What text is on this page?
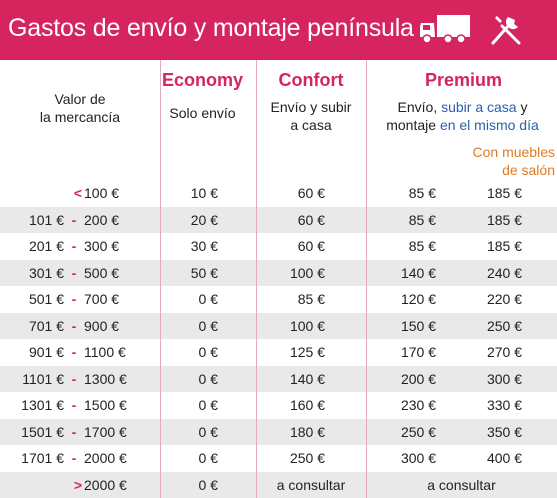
Gastos de envío y montaje península
Valor de
la mercancía
Economy
Solo envío
Confort
Envío y subir
a casa
Premium
Envío, subir a casa y
montaje en el mismo día
Con muebles
de salón
< 100 €	10 €	60 €	85 €	185 €
101 € - 200 €	20 €	60 €	85 €	185 €
201 € - 300 €	30 €	60 €	85 €	185 €
301 € - 500 €	50 €	100 €	140 €	240 €
501 € - 700 €	0 €	85 €	120 €	220 €
701 € - 900 €	0 €	100 €	150 €	250 €
901 € - 1100 €	0 €	125 €	170 €	270 €
1101 € - 1300 €	0 €	140 €	200 €	300 €
1301 € - 1500 €	0 €	160 €	230 €	330 €
1501 € - 1700 €	0 €	180 €	250 €	350 €
1701 € - 2000 €	0 €	250 €	300 €	400 €
> 2000 €	0 €	a consultar	a consultar
